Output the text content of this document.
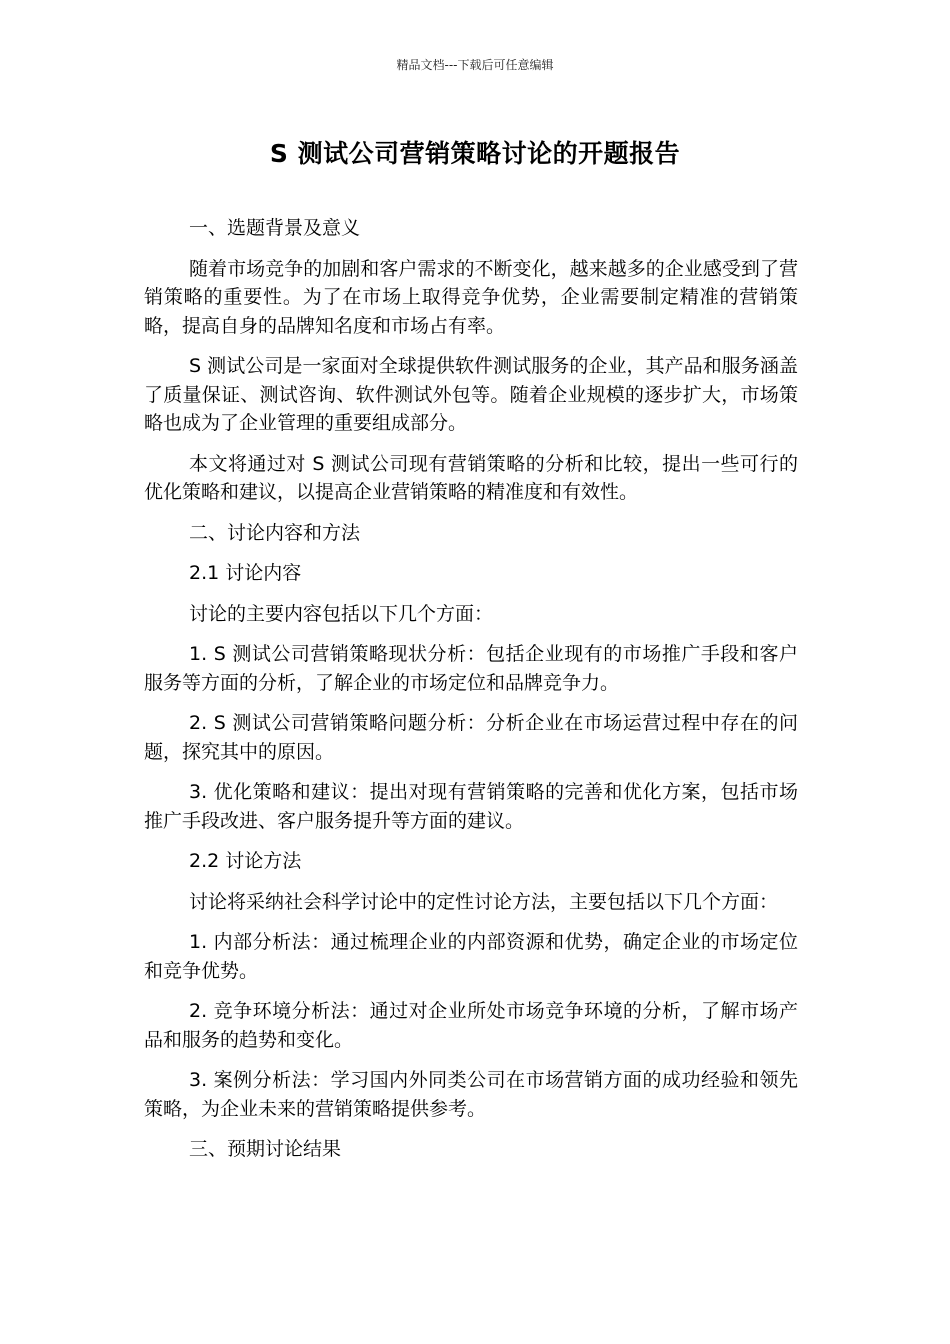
精品文档---下载后可任意编辑
S 测试公司营销策略讨论的开题报告

一、选题背景及意义

随着市场竞争的加剧和客户需求的不断变化，越来越多的企业感受到了营销策略的重要性。为了在市场上取得竞争优势，企业需要制定精准的营销策略，提高自身的品牌知名度和市场占有率。

S 测试公司是一家面对全球提供软件测试服务的企业，其产品和服务涵盖了质量保证、测试咨询、软件测试外包等。随着企业规模的逐步扩大，市场策略也成为了企业管理的重要组成部分。

本文将通过对 S 测试公司现有营销策略的分析和比较，提出一些可行的优化策略和建议，以提高企业营销策略的精准度和有效性。

二、讨论内容和方法

2.1 讨论内容

讨论的主要内容包括以下几个方面：

1. S 测试公司营销策略现状分析：包括企业现有的市场推广手段和客户服务等方面的分析，了解企业的市场定位和品牌竞争力。

2. S 测试公司营销策略问题分析：分析企业在市场运营过程中存在的问题，探究其中的原因。

3. 优化策略和建议：提出对现有营销策略的完善和优化方案，包括市场推广手段改进、客户服务提升等方面的建议。

2.2 讨论方法

讨论将采纳社会科学讨论中的定性讨论方法，主要包括以下几个方面：

1. 内部分析法：通过梳理企业的内部资源和优势，确定企业的市场定位和竞争优势。

2. 竞争环境分析法：通过对企业所处市场竞争环境的分析，了解市场产品和服务的趋势和变化。

3. 案例分析法：学习国内外同类公司在市场营销方面的成功经验和领先策略，为企业未来的营销策略提供参考。

三、预期讨论结果
